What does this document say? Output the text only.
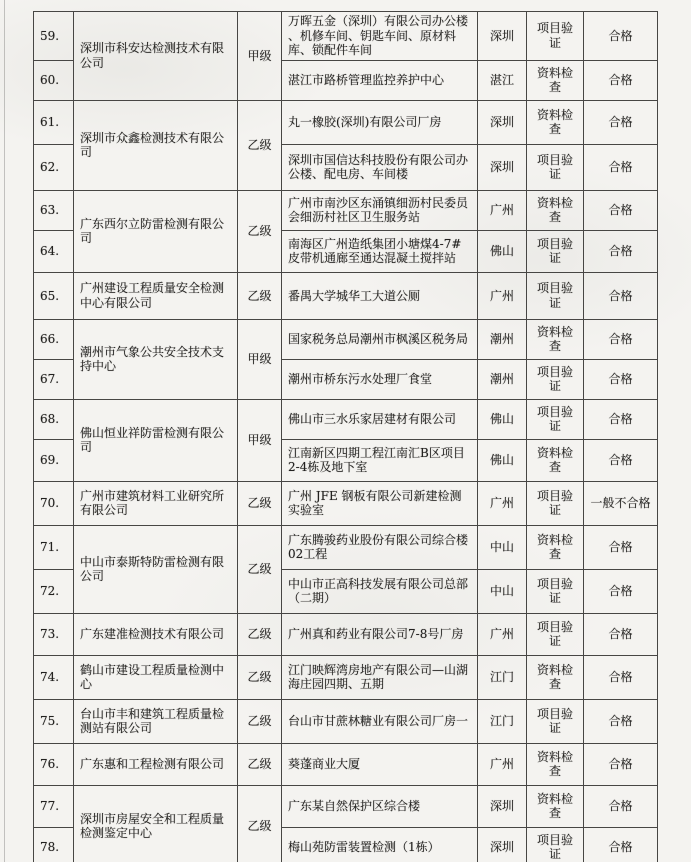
59.	深圳市科安达检测技术有限公司	甲级	万晖五金（深圳）有限公司办公楼 、机修车间、钥匙车间、原材料库、锁配件车间	深圳	项目验证	合格
60.			湛江市路桥管理监控养护中心	湛江	资料检查	合格
61.	深圳市众鑫检测技术有限公司	乙级	丸一橡胶(深圳)有限公司厂房	深圳	资料检查	合格
62.			深圳市国信达科技股份有限公司办公楼、配电房、车间楼	深圳	项目验证	合格
63.	广东西尔立防雷检测有限公司	乙级	广州市南沙区东涌镇细沥村民委员会细沥村社区卫生服务站	广州	资料检查	合格
64.			南海区广州造纸集团小塘煤4-7#皮带机通廊至通达混凝土搅拌站	佛山	项目验证	合格
65.	广州建设工程质量安全检测中心有限公司	乙级	番禺大学城华工大道公厕	广州	项目验证	合格
66.	潮州市气象公共安全技术支持中心	甲级	国家税务总局潮州市枫溪区税务局	潮州	资料检查	合格
67.			潮州市桥东污水处理厂食堂	潮州	项目验证	合格
68.	佛山恒业祥防雷检测有限公司	甲级	佛山市三水乐家居建材有限公司	佛山	项目验证	合格
69.			江南新区四期工程江南汇B区项目2-4栋及地下室	佛山	资料检查	合格
70.	广州市建筑材料工业研究所有限公司	乙级	广州 JFE 钢板有限公司新建检测实验室	广州	项目验证	一般不合格
71.	中山市泰斯特防雷检测有限公司	乙级	广东腾骏药业股份有限公司综合楼02工程	中山	资料检查	合格
72.			中山市正高科技发展有限公司总部（二期）	中山	项目验证	合格
73.	广东建准检测技术有限公司	乙级	广州真和药业有限公司7-8号厂房	广州	项目验证	合格
74.	鹤山市建设工程质量检测中心	乙级	江门映辉湾房地产有限公司—山湖海庄园四期、五期	江门	资料检查	合格
75.	台山市丰和建筑工程质量检测站有限公司	乙级	台山市甘蔗林糖业有限公司厂房一	江门	项目验证	合格
76.	广东惠和工程检测有限公司	乙级	葵蓬商业大厦	广州	资料检查	合格
77.	深圳市房屋安全和工程质量检测鉴定中心	乙级	广东某自然保护区综合楼	深圳	资料检查	合格
78.			梅山苑防雷装置检测（1栋）	深圳	项目验证	合格
